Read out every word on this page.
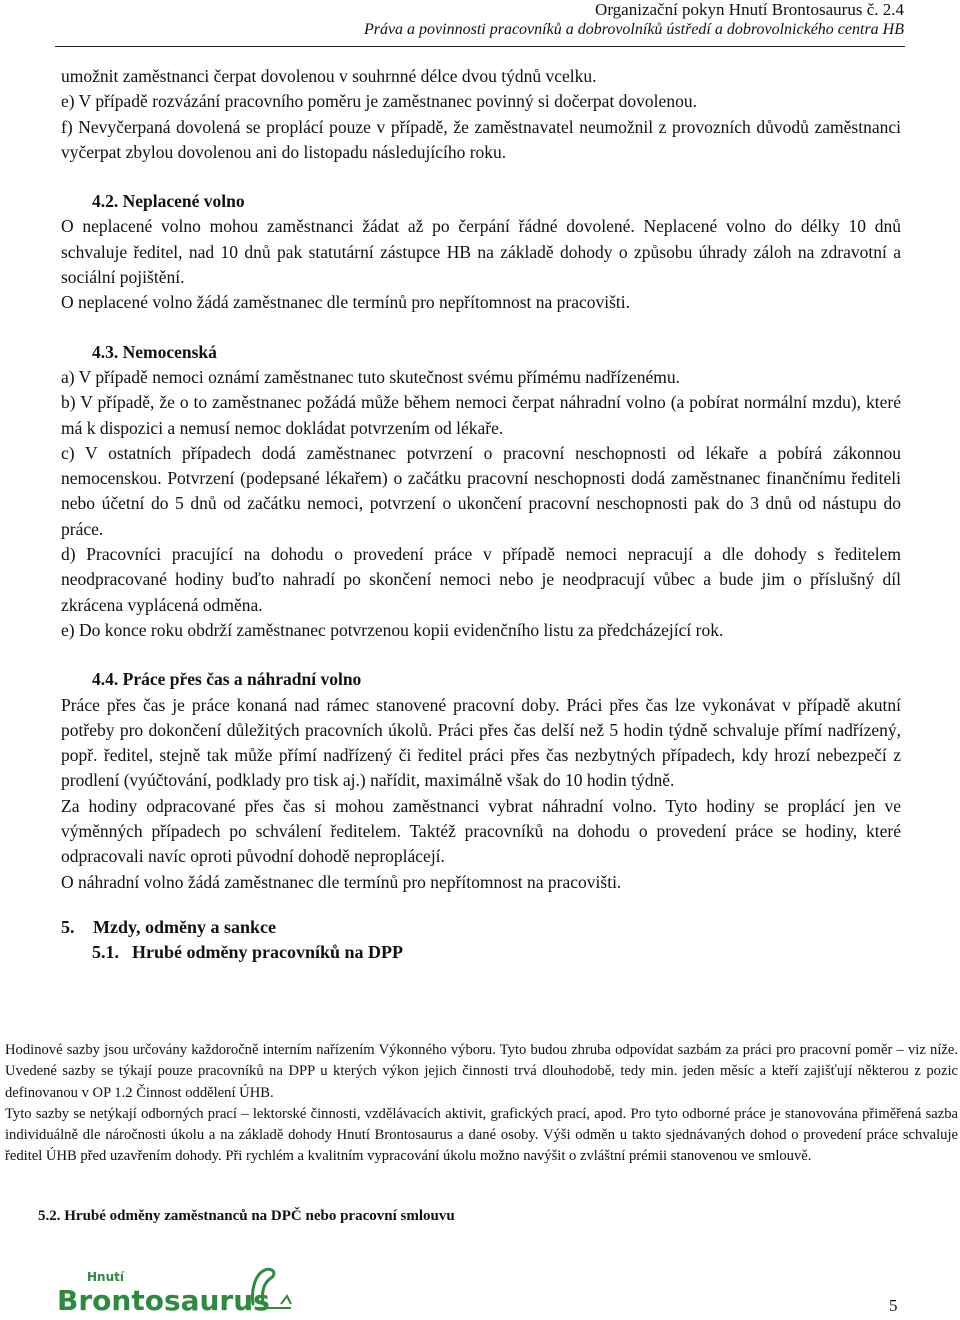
Organizační pokyn Hnutí Brontosaurus č. 2.4
Práva a povinnosti pracovníků a dobrovolníků ústředí a dobrovolnického centra HB

umožnit zaměstnanci čerpat dovolenou v souhrnné délce dvou týdnů vcelku.

e) V případě rozvázání pracovního poměru je zaměstnanec povinný si dočerpat dovolenou.

f) Nevyčerpaná dovolená se proplácí pouze v případě, že zaměstnavatel neumožnil z provozních důvodů zaměstnanci vyčerpat zbylou dovolenou ani do listopadu následujícího roku.

4.2. Neplacené volno

O neplacené volno mohou zaměstnanci žádat až po čerpání řádné dovolené. Neplacené volno do délky 10 dnů schvaluje ředitel, nad 10 dnů pak statutární zástupce HB na základě dohody o způsobu úhrady záloh na zdravotní a sociální pojištění.

O neplacené volno žádá zaměstnanec dle termínů pro nepřítomnost na pracovišti.

4.3. Nemocenská

a) V případě nemoci oznámí zaměstnanec tuto skutečnost svému přímému nadřízenému.

b) V případě, že o to zaměstnanec požádá může během nemoci čerpat náhradní volno (a pobírat normální mzdu), které má k dispozici a nemusí nemoc dokládat potvrzením od lékaře.

c) V ostatních případech dodá zaměstnanec potvrzení o pracovní neschopnosti od lékaře a pobírá zákonnou nemocenskou. Potvrzení (podepsané lékařem) o začátku pracovní neschopnosti dodá zaměstnanec finančnímu řediteli nebo účetní do 5 dnů od začátku nemoci, potvrzení o ukončení pracovní neschopnosti pak do 3 dnů od nástupu do práce.

d) Pracovníci pracující na dohodu o provedení práce v případě nemoci nepracují a dle dohody s ředitelem neodpracované hodiny buďto nahradí po skončení nemoci nebo je neodpracují vůbec a bude jim o příslušný díl zkrácena vyplácená odměna.

e) Do konce roku obdrží zaměstnanec potvrzenou kopii evidenčního listu za předcházející rok.

4.4. Práce přes čas a náhradní volno

Práce přes čas je práce konaná nad rámec stanovené pracovní doby. Práci přes čas lze vykonávat v případě akutní potřeby pro dokončení důležitých pracovních úkolů. Práci přes čas delší než 5 hodin týdně schvaluje přímí nadřízený, popř. ředitel, stejně tak může přímí nadřízený či ředitel práci přes čas nezbytných případech, kdy hrozí nebezpečí z prodlení (vyúčtování, podklady pro tisk aj.) nařídit, maximálně však do 10 hodin týdně.

Za hodiny odpracované přes čas si mohou zaměstnanci vybrat náhradní volno. Tyto hodiny se proplácí jen ve výměnných případech po schválení ředitelem. Taktéž pracovníků na dohodu o provedení práce se hodiny, které odpracovali navíc oproti původní dohodě neproplácejí.

O náhradní volno žádá zaměstnanec dle termínů pro nepřítomnost na pracovišti.

5. Mzdy, odměny a sankce

5.1. Hrubé odměny pracovníků na DPP

Hodinové sazby jsou určovány každoročně interním nařízením Výkonného výboru. Tyto budou zhruba odpovídat sazbám za práci pro pracovní poměr – viz níže. Uvedené sazby se týkají pouze pracovníků na DPP u kterých výkon jejich činnosti trvá dlouhodobě, tedy min. jeden měsíc a kteří zajišťují některou z pozic definovanou v OP 1.2 Činnost oddělení ÚHB.

Tyto sazby se netýkají odborných prací – lektorské činnosti, vzdělávacích aktivit, grafických prací, apod. Pro tyto odborné práce je stanovována přiměřená sazba individuálně dle náročnosti úkolu a na základě dohody Hnutí Brontosaurus a dané osoby. Výši odměn u takto sjednávaných dohod o provedení práce schvaluje ředitel ÚHB před uzavřením dohody. Při rychlém a kvalitním vypracování úkolu možno navýšit o zvláštní prémii stanovenou ve smlouvě.

5.2. Hrubé odměny zaměstnanců na DPČ nebo pracovní smlouvu
Hnutí
Brontosaurus	5
